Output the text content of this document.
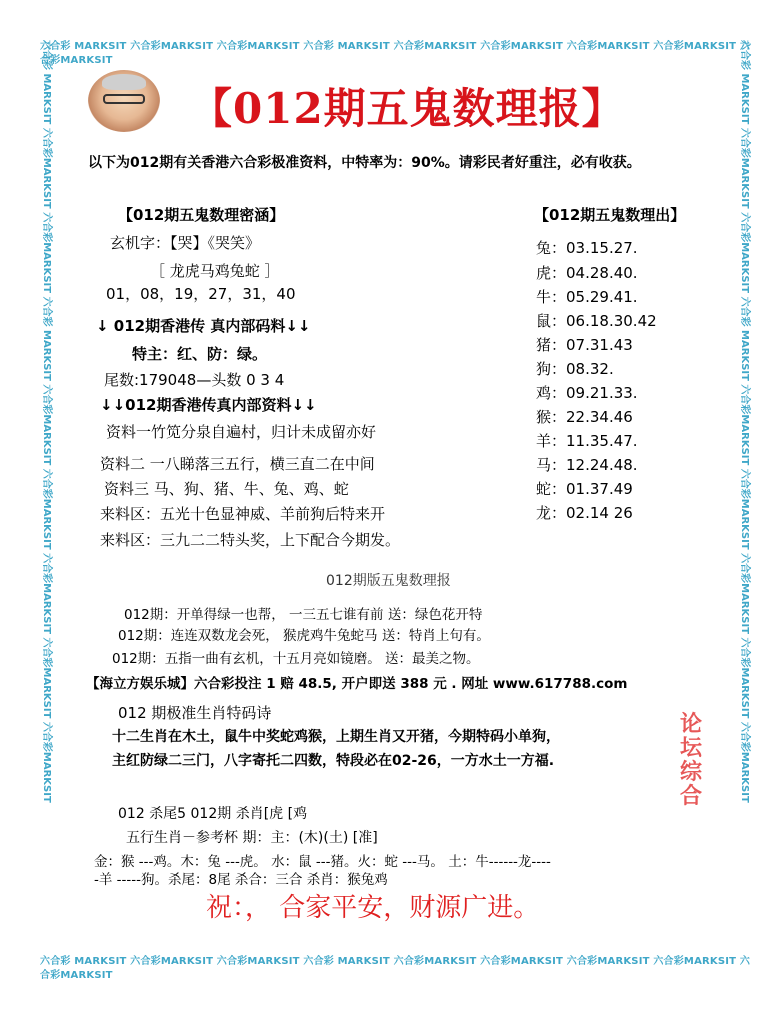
六合彩 MARKSIT 六合彩MARKSIT 六合彩MARKSIT 六合彩 MARKSIT 六合彩MARKSIT 六合彩MARKSIT 六合彩MARKSIT 六合彩MARKSIT 六合彩MARKSIT
六合彩 MARKSIT 六合彩MARKSIT 六合彩MARKSIT 六合彩 MARKSIT 六合彩MARKSIT 六合彩MARKSIT 六合彩MARKSIT 六合彩MARKSIT 六合彩MARKSIT
六合彩 MARKSIT 六合彩MARKSIT 六合彩MARKSIT 六合彩 MARKSIT 六合彩MARKSIT 六合彩MARKSIT 六合彩MARKSIT 六合彩MARKSIT 六合彩MARKSIT	六合彩 MARKSIT 六合彩MARKSIT 六合彩MARKSIT 六合彩 MARKSIT 六合彩MARKSIT 六合彩MARKSIT 六合彩MARKSIT 六合彩MARKSIT 六合彩MARKSIT
【012期五鬼数理报】
以下为012期有关香港六合彩极准资料，中特率为：90%。请彩民者好重注，必有收获。
【012期五鬼数理密涵】
玄机字：【哭】《哭笑》
［ 龙虎马鸡兔蛇 ］
01，08，19，27，31，40
↓ 012期香港传 真内部码料↓↓
特主：红、防：绿。
尾数:179048—头数 0 3 4
↓↓012期香港传真内部资料↓↓
资料一竹笕分泉自遍村，归计未成留亦好
资料二 一八睇落三五行，横三直二在中间
资料三 马、狗、猪、牛、兔、鸡、蛇
来料区：五光十色显神威、羊前狗后特来开
来料区：三九二二特头奖，上下配合今期发。
【012期五鬼数理出】
兔：03.15.27.
虎：04.28.40.
牛：05.29.41.
鼠：06.18.30.42
猪：07.31.43
狗：08.32.
鸡：09.21.33.
猴：22.34.46
羊：11.35.47.
马：12.24.48.
蛇：01.37.49
龙：02.14 26
012期版五鬼数理报
012期：开单得绿一也帮， 一三五七谁有前 送：绿色花开特
012期：连连双数龙会死， 猴虎鸡牛兔蛇马 送：特肖上句有。
012期：五指一曲有玄机，十五月亮如镜磨。 送：最美之物。
【海立方娱乐城】六合彩投注 1 赔 48.5, 开户即送 388 元 . 网址 www.617788.com
012 期极准生肖特码诗
十二生肖在木土，鼠牛中奖蛇鸡猴，上期生肖又开猪，今期特码小单狗，
主红防绿二三门，八字寄托二四数，特段必在02-26，一方水土一方福.
论坛综合
012 杀尾5 012期 杀肖[虎 [鸡
五行生肖－参考杯 期：主：(木)(土) [准]
金：猴 ---鸡。木：兔 ---虎。 水：鼠 ---猪。火：蛇 ---马。 土：牛------龙----
-羊 -----狗。杀尾：8尾 杀合：三合 杀肖：猴兔鸡
祝：， 合家平安，财源广进。
